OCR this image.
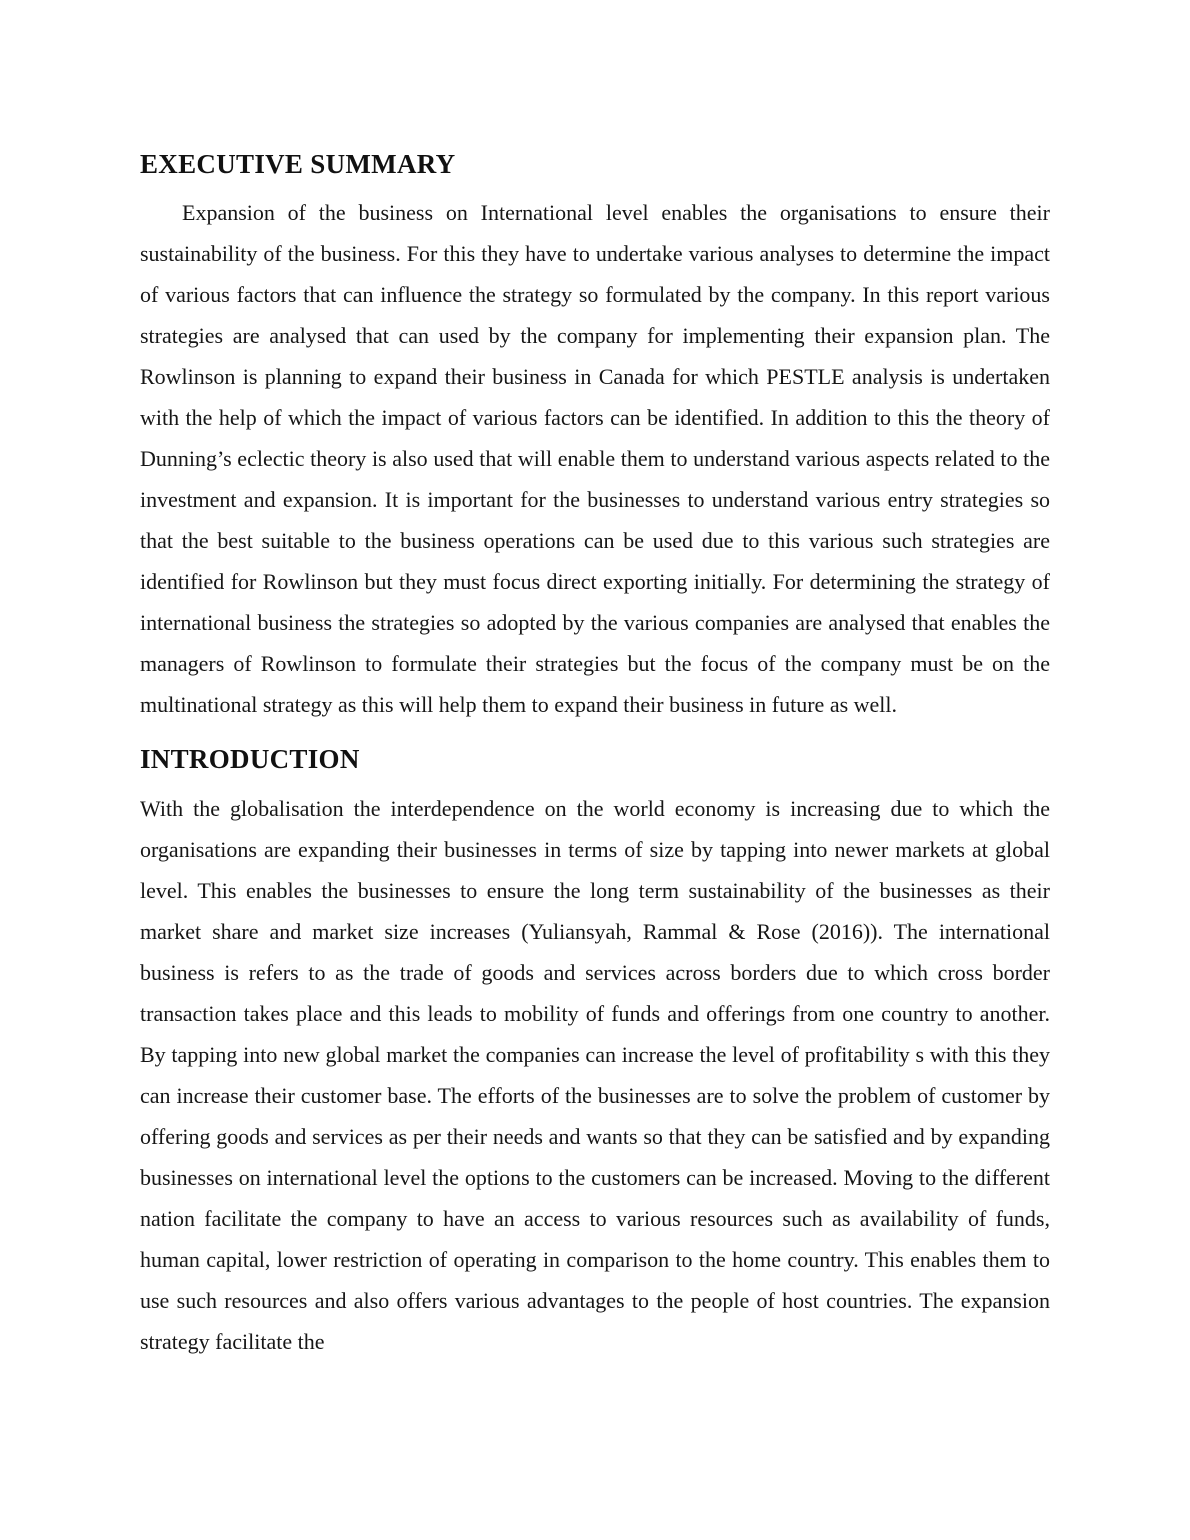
EXECUTIVE SUMMARY

Expansion of the business on International level enables the organisations to ensure their sustainability of the business. For this they have to undertake various analyses to determine the impact of various factors that can influence the strategy so formulated by the company. In this report various strategies are analysed that can used by the company for implementing their expansion plan. The Rowlinson is planning to expand their business in Canada for which PESTLE analysis is undertaken with the help of which the impact of various factors can be identified. In addition to this the theory of Dunning’s eclectic theory is also used that will enable them to understand various aspects related to the investment and expansion. It is important for the businesses to understand various entry strategies so that the best suitable to the business operations can be used due to this various such strategies are identified for Rowlinson but they must focus direct exporting initially. For determining the strategy of international business the strategies so adopted by the various companies are analysed that enables the managers of Rowlinson to formulate their strategies but the focus of the company must be on the multinational strategy as this will help them to expand their business in future as well.

INTRODUCTION

With the globalisation the interdependence on the world economy is increasing due to which the organisations are expanding their businesses in terms of size by tapping into newer markets at global level. This enables the businesses to ensure the long term sustainability of the businesses as their market share and market size increases (Yuliansyah, Rammal & Rose (2016)). The international business is refers to as the trade of goods and services across borders due to which cross border transaction takes place and this leads to mobility of funds and offerings from one country to another. By tapping into new global market the companies can increase the level of profitability s with this they can increase their customer base. The efforts of the businesses are to solve the problem of customer by offering goods and services as per their needs and wants so that they can be satisfied and by expanding businesses on international level the options to the customers can be increased. Moving to the different nation facilitate the company to have an access to various resources such as availability of funds, human capital, lower restriction of operating in comparison to the home country. This enables them to use such resources and also offers various advantages to the people of host countries. The expansion strategy facilitate the
